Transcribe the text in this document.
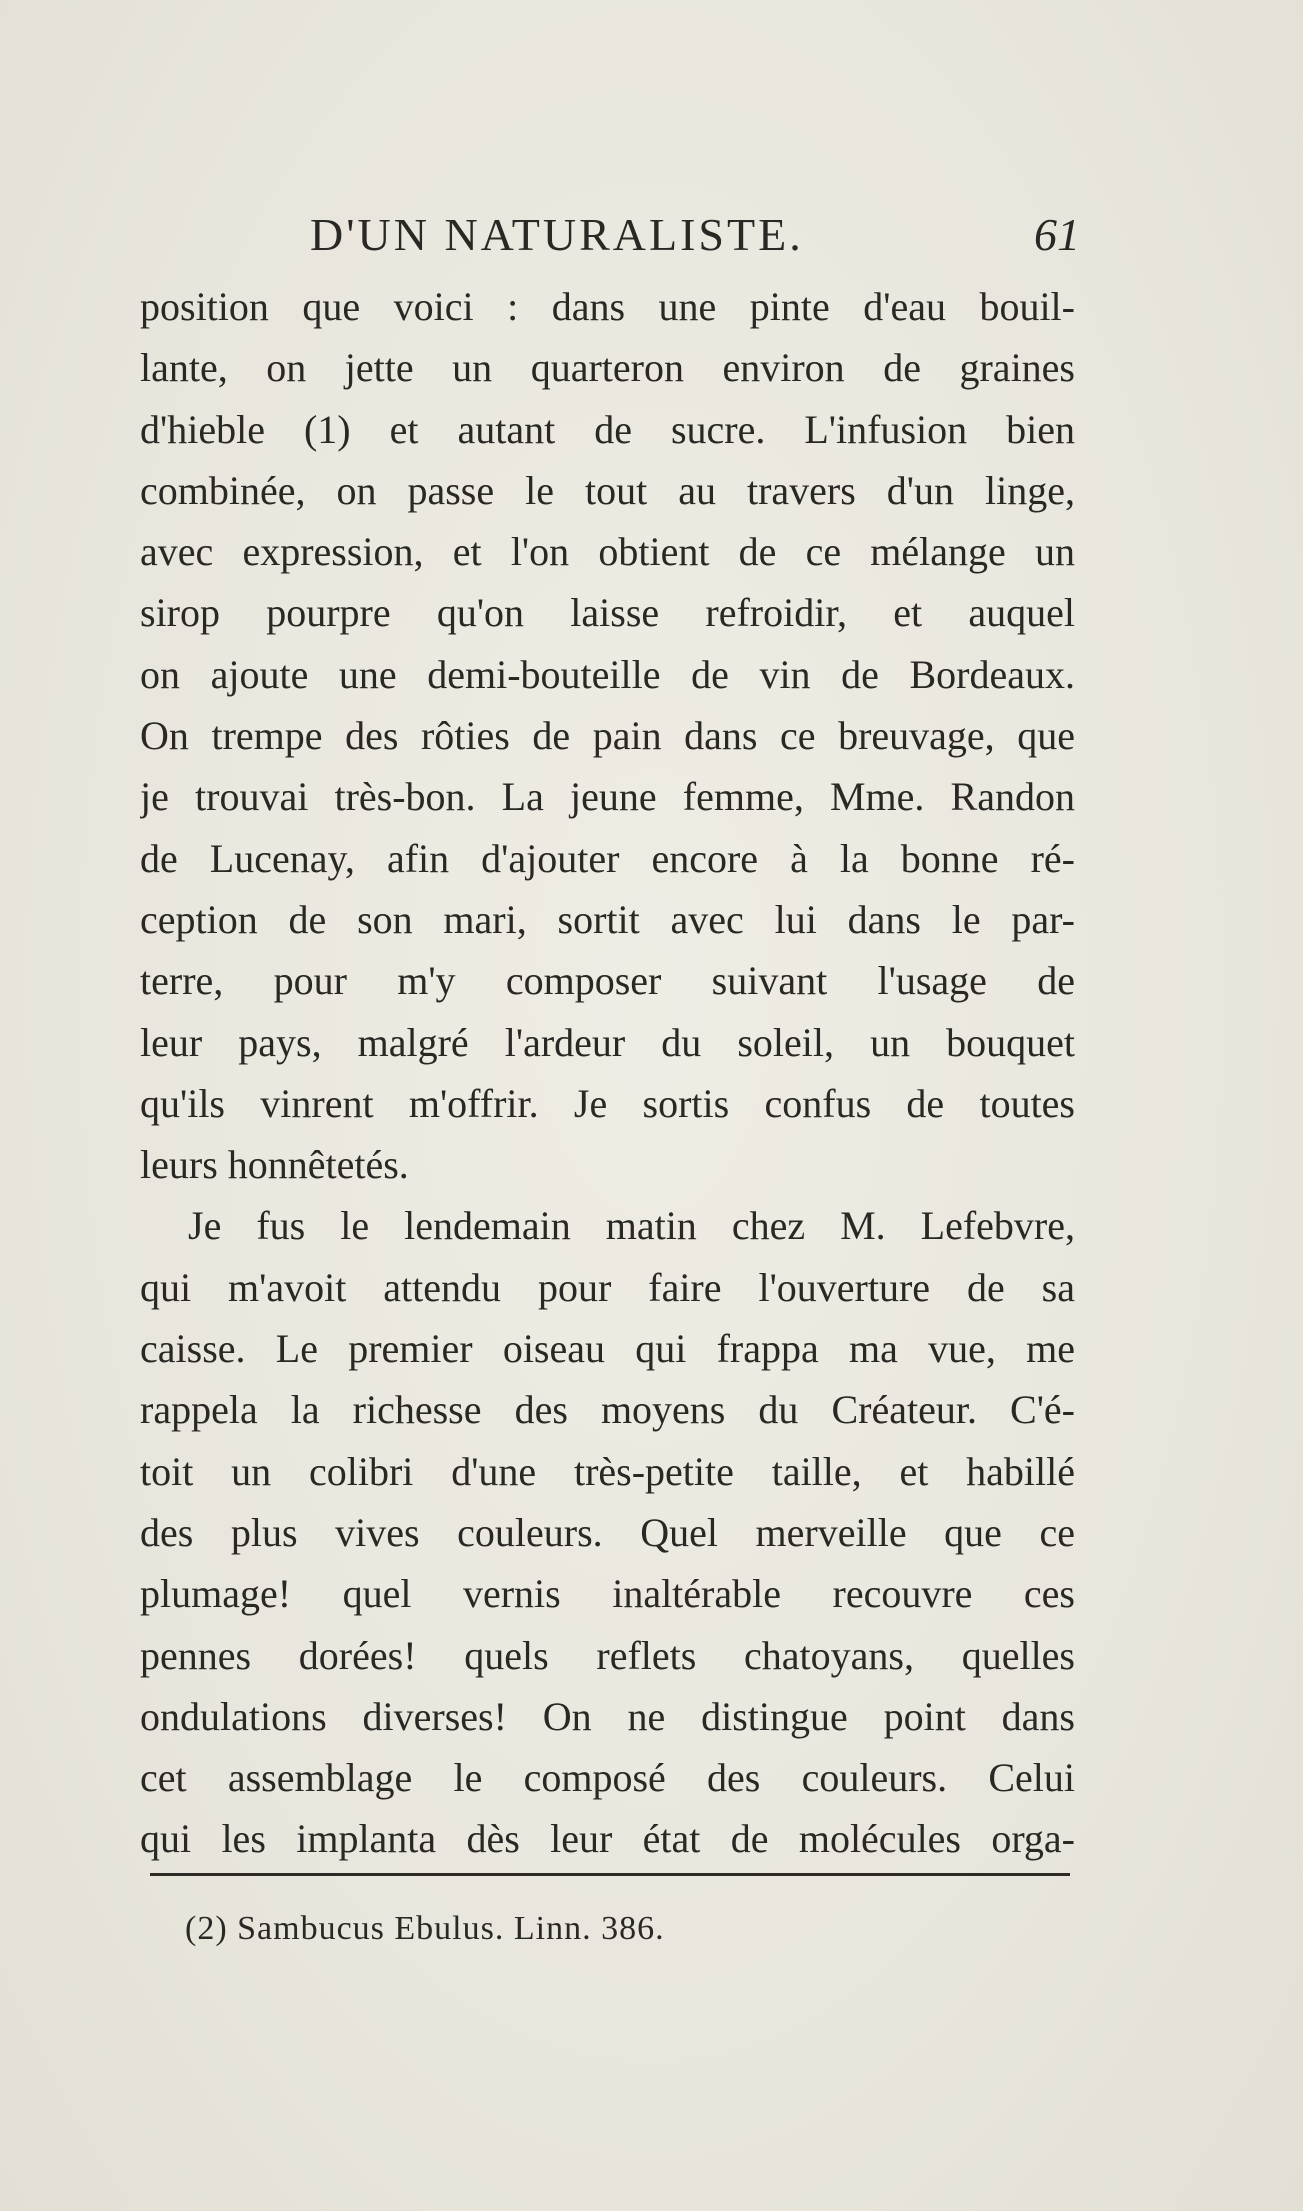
D'UN NATURALISTE.	61
position que voici : dans une pinte d'eau bouil-
lante, on jette un quarteron environ de graines
d'hieble (1) et autant de sucre. L'infusion bien
combinée, on passe le tout au travers d'un linge,
avec expression, et l'on obtient de ce mélange un
sirop pourpre qu'on laisse refroidir, et auquel
on ajoute une demi-bouteille de vin de Bordeaux.
On trempe des rôties de pain dans ce breuvage, que
je trouvai très-bon. La jeune femme, Mme. Randon
de Lucenay, afin d'ajouter encore à la bonne ré-
ception de son mari, sortit avec lui dans le par-
terre, pour m'y composer suivant l'usage de
leur pays, malgré l'ardeur du soleil, un bouquet
qu'ils vinrent m'offrir. Je sortis confus de toutes
leurs honnêtetés.
Je fus le lendemain matin chez M. Lefebvre,
qui m'avoit attendu pour faire l'ouverture de sa
caisse. Le premier oiseau qui frappa ma vue, me
rappela la richesse des moyens du Créateur. C'é-
toit un colibri d'une très-petite taille, et habillé
des plus vives couleurs. Quel merveille que ce
plumage! quel vernis inaltérable recouvre ces
pennes dorées! quels reflets chatoyans, quelles
ondulations diverses! On ne distingue point dans
cet assemblage le composé des couleurs. Celui
qui les implanta dès leur état de molécules orga-
(2) Sambucus Ebulus. Linn. 386.
